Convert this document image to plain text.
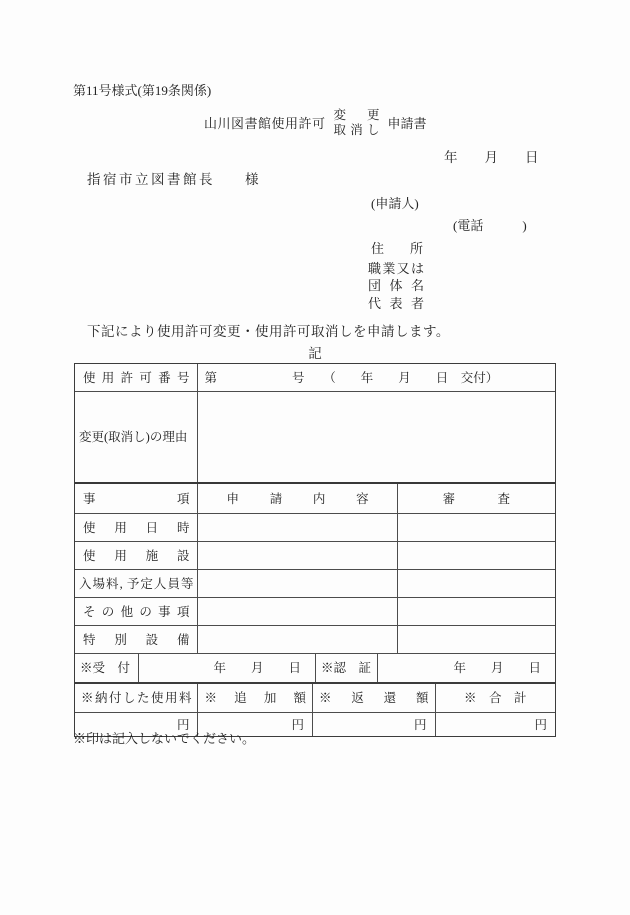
第11号様式(第19条関係)
山川図書館使用許可
変更
取消し 申請書
年　　月　　日
指宿市立図書館長 様
(申請人)
(電話　　　)
住所
職業又は
団体名
代表者
下記により使用許可変更・使用許可取消しを申請します。
記
使用許可番号	第　　　　　　号　　（　　年　　月　　日　交付）
変更(取消し)の理由
事項	申請内容	審査
使用日時
使用施設
入場料, 予定人員等
その他の事項
特別設備
※受　付	年　　月　　日	※認　証	年　　月　　日
※納付した使用料	※追加額	※返還額	※　合　計
円	円	円	円
※印は記入しないでください。
